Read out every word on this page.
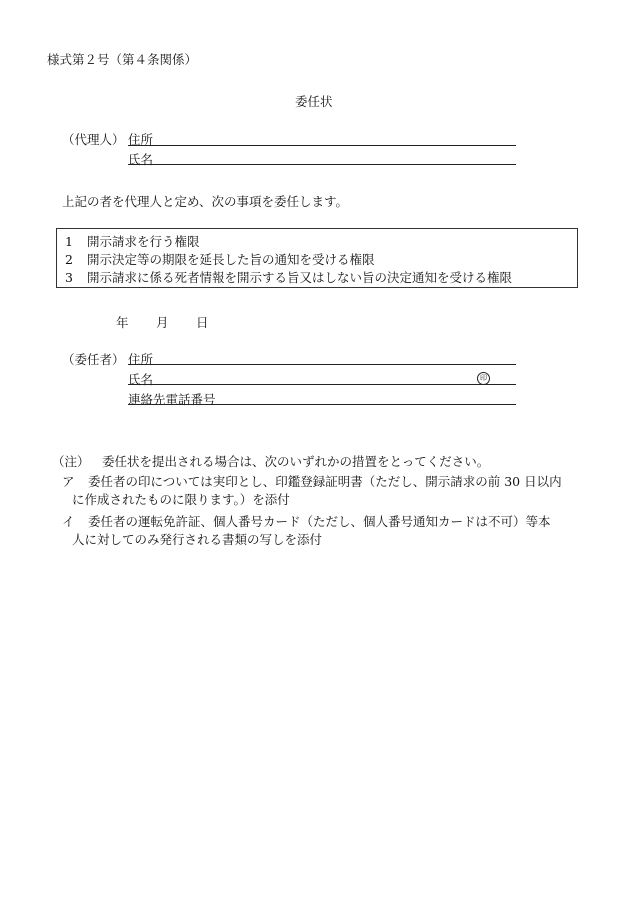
様式第２号（第４条関係）
委任状
（代理人） 住所
氏名
上記の者を代理人と定め、次の事項を委任します。
1 開示請求を行う権限
2 開示決定等の期限を延長した旨の通知を受ける権限
3 開示請求に係る死者情報を開示する旨又はしない旨の決定通知を受ける権限
年 月 日
（委任者） 住所
氏名	印
連絡先電話番号
（注） 委任状を提出される場合は、次のいずれかの措置をとってください。
ア 委任者の印については実印とし、印鑑登録証明書（ただし、開示請求の前 30 日以内
に作成されたものに限ります。）を添付
イ 委任者の運転免許証、個人番号カード（ただし、個人番号通知カードは不可）等本
人に対してのみ発行される書類の写しを添付
